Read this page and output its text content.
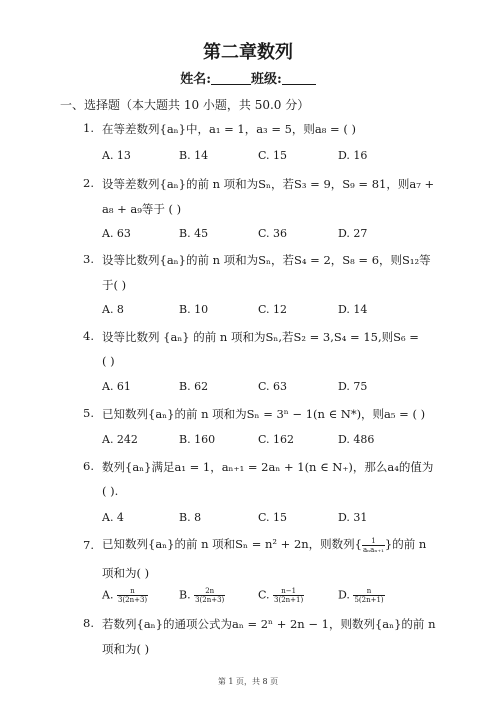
第二章数列
姓名:	班级:
一、选择题（本大题共 10 小题，共 50.0 分）
1. 在等差数列{aₙ}中，a₁ = 1，a₃ = 5，则a₈ = ( )
A. 13	B. 14	C. 15	D. 16
2. 设等差数列{aₙ}的前 n 项和为Sₙ，若S₃ = 9，S₉ = 81，则a₇ +
a₈ + a₉等于 ( )
A. 63	B. 45	C. 36	D. 27
3. 设等比数列{aₙ}的前 n 项和为Sₙ，若S₄ = 2，S₈ = 6，则S₁₂等
于( )
A. 8	B. 10	C. 12	D. 14
4. 设等比数列 {aₙ} 的前 n 项和为Sₙ,若S₂ = 3,S₄ = 15,则S₆ =
( )
A. 61	B. 62	C. 63	D. 75
5. 已知数列{aₙ}的前 n 项和为Sₙ = 3ⁿ − 1(n ∈ N*)，则a₅ = ( )
A. 242	B. 160	C. 162	D. 486
6. 数列{aₙ}满足a₁ = 1，aₙ₊₁ = 2aₙ + 1(n ∈ N₊)，那么a₄的值为
( ).
A. 4	B. 8	C. 15	D. 31
7. 已知数列{aₙ}的前 n 项和Sₙ = n² + 2n，则数列{ $\frac{1}{\text{aₙaₙ₊₁}}$ }的前 n
项和为( )
A. $\frac{n}{3(2n+3)}$	B. $\frac{2n}{3(2n+3)}$	C. $\frac{n-1}{3(2n+1)}$	D. $\frac{n}{5(2n+1)}$
8. 若数列{aₙ}的通项公式为aₙ = 2ⁿ + 2n − 1，则数列{aₙ}的前 n
项和为( )
第 1 页，共 8 页
